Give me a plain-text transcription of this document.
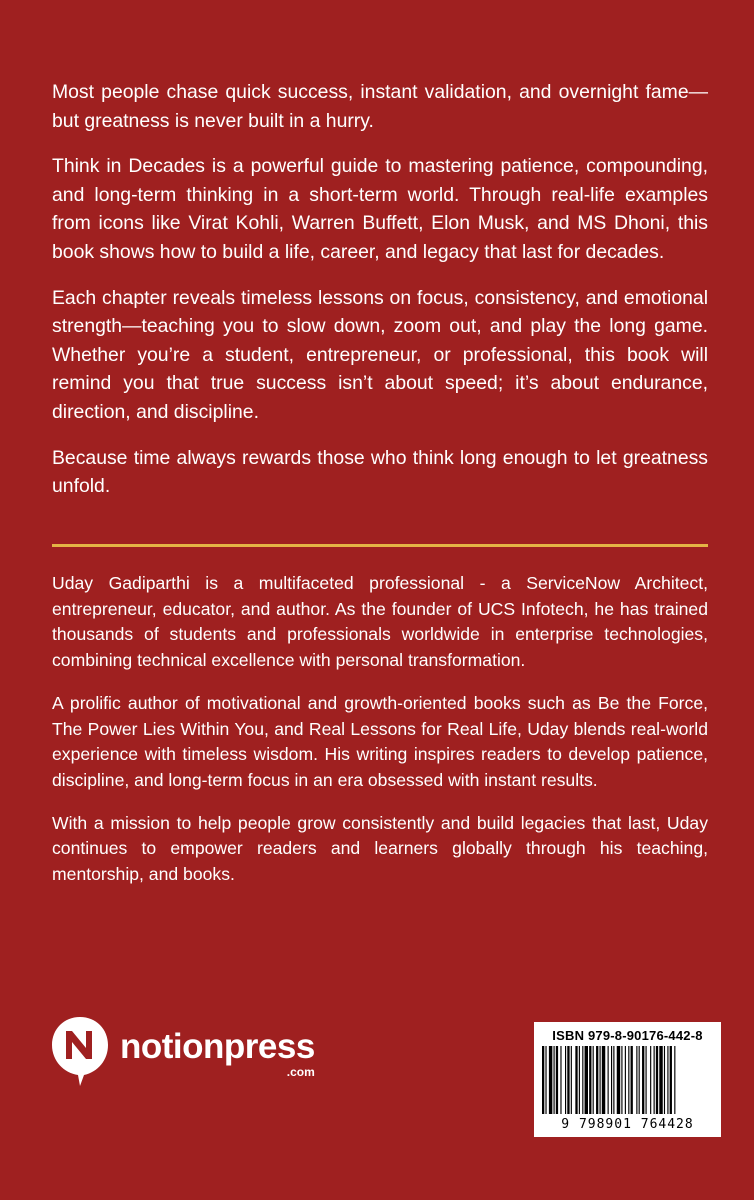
Most people chase quick success, instant validation, and overnight fame—but greatness is never built in a hurry.

Think in Decades is a powerful guide to mastering patience, compounding, and long-term thinking in a short-term world. Through real-life examples from icons like Virat Kohli, Warren Buffett, Elon Musk, and MS Dhoni, this book shows how to build a life, career, and legacy that last for decades.

Each chapter reveals timeless lessons on focus, consistency, and emotional strength—teaching you to slow down, zoom out, and play the long game. Whether you’re a student, entrepreneur, or professional, this book will remind you that true success isn’t about speed; it’s about endurance, direction, and discipline.

Because time always rewards those who think long enough to let greatness unfold.

Uday Gadiparthi is a multifaceted professional - a ServiceNow Architect, entrepreneur, educator, and author. As the founder of UCS Infotech, he has trained thousands of students and professionals worldwide in enterprise technologies, combining technical excellence with personal transformation.

A prolific author of motivational and growth-oriented books such as Be the Force, The Power Lies Within You, and Real Lessons for Real Life, Uday blends real-world experience with timeless wisdom. His writing inspires readers to develop patience, discipline, and long-term focus in an era obsessed with instant results.

With a mission to help people grow consistently and build legacies that last, Uday continues to empower readers and learners globally through his teaching, mentorship, and books.

notionpress
.com
ISBN 979-8-90176-442-8
9 798901 764428
